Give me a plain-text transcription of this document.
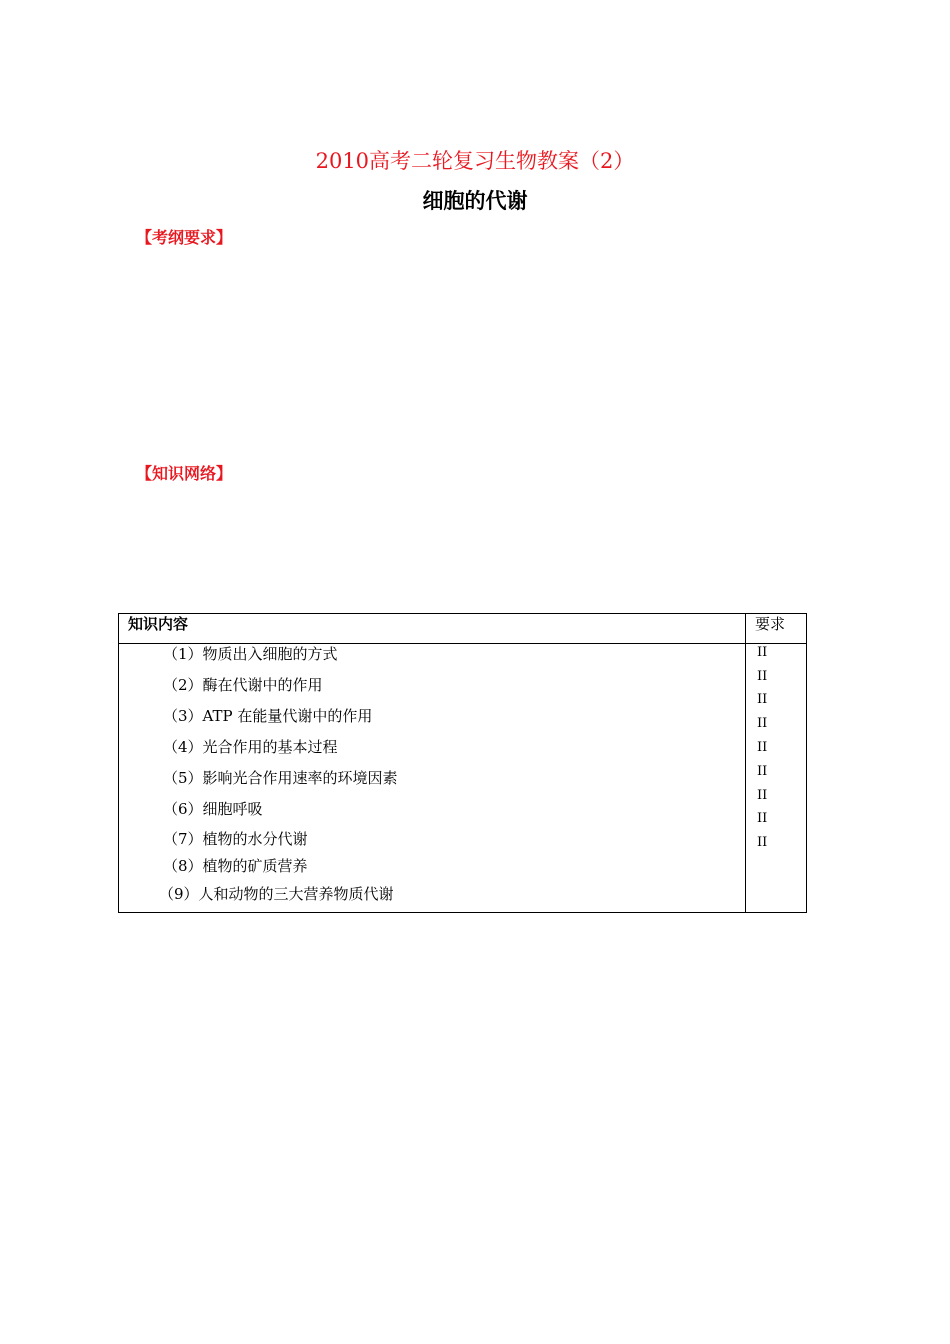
2010高考二轮复习生物教案（2）
细胞的代谢
【考纲要求】
【知识网络】
知识内容	要求
（1）物质出入细胞的方式
（2）酶在代谢中的作用
（3）ATP 在能量代谢中的作用
（4）光合作用的基本过程
（5）影响光合作用速率的环境因素
（6）细胞呼吸
（7）植物的水分代谢
（8）植物的矿质营养
（9）人和动物的三大营养物质代谢
II
II
II
II
II
II
II
II
II
